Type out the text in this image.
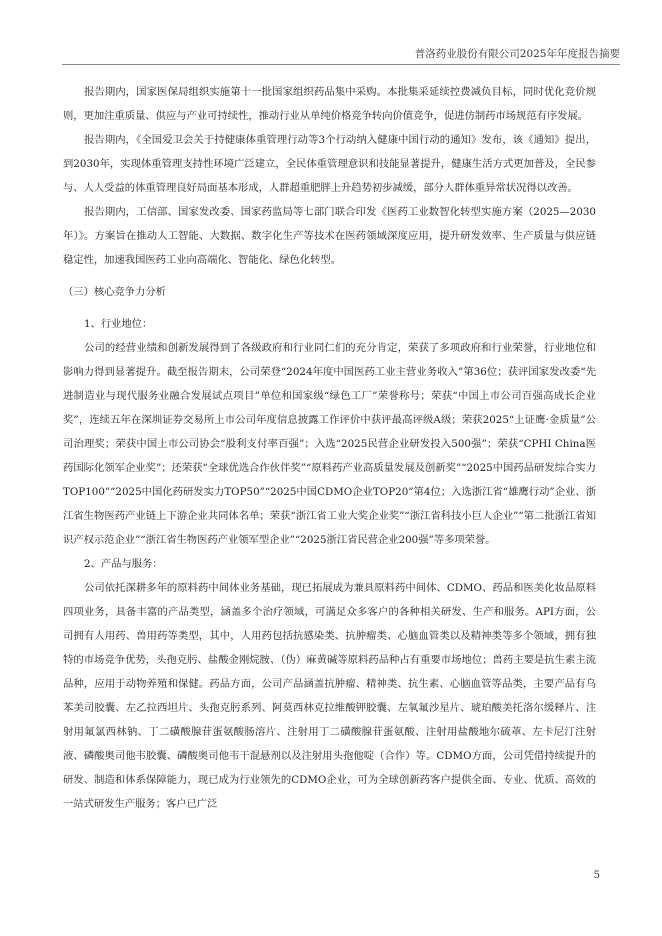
普洛药业股份有限公司2025年年度报告摘要

报告期内，国家医保局组织实施第十一批国家组织药品集中采购。本批集采延续控费减负目标，同时优化竞价规则，更加注重质量、供应与产业可持续性，推动行业从单纯价格竞争转向价值竞争，促进仿制药市场规范有序发展。

报告期内，《全国爱卫会关于持健康体重管理行动等3个行动纳入健康中国行动的通知》发布，该《通知》提出，到2030年，实现体重管理支持性环境广泛建立，全民体重管理意识和技能显著提升，健康生活方式更加普及，全民参与、人人受益的体重管理良好局面基本形成，人群超重肥胖上升趋势初步减缓，部分人群体重异常状况得以改善。

报告期内，工信部、国家发改委、国家药监局等七部门联合印发《医药工业数智化转型实施方案（2025—2030年）》。方案旨在推动人工智能、大数据、数字化生产等技术在医药领域深度应用，提升研发效率、生产质量与供应链稳定性，加速我国医药工业向高端化、智能化、绿色化转型。

（三）核心竞争力分析

1、行业地位：

公司的经营业绩和创新发展得到了各级政府和行业同仁们的充分肯定，荣获了多项政府和行业荣誉，行业地位和影响力得到显著提升。截至报告期末，公司荣登“2024年度中国医药工业主营业务收入”第36位；获评国家发改委“先进制造业与现代服务业融合发展试点项目”单位和国家级“绿色工厂”荣誉称号；荣获“中国上市公司百强高成长企业奖”，连续五年在深圳证券交易所上市公司年度信息披露工作评价中获评最高评级A级；荣获2025“上证鹰·金质量”公司治理奖；荣获中国上市公司协会“股利支付率百强”；入选“2025民营企业研发投入500强”；荣获“CPHI China医药国际化领军企业奖”；还荣获“全球优选合作伙伴奖”“原料药产业高质量发展及创新奖”“2025中国药品研发综合实力TOP100”“2025中国化药研发实力TOP50”“2025中国CDMO企业TOP20”第4位；入选浙江省“雄鹰行动”企业、浙江省生物医药产业链上下游企业共同体名单；荣获“浙江省工业大奖企业奖”“浙江省科技小巨人企业”“第二批浙江省知识产权示范企业”“浙江省生物医药产业领军型企业”“2025浙江省民营企业200强”等多项荣誉。

2、产品与服务：

公司依托深耕多年的原料药中间体业务基础，现已拓展成为兼具原料药中间体、CDMO、药品和医美化妆品原料四项业务，具备丰富的产品类型，涵盖多个治疗领域，可满足众多客户的各种相关研发、生产和服务。API方面，公司拥有人用药、兽用药等类型，其中，人用药包括抗感染类、抗肿瘤类、心脑血管类以及精神类等多个领域，拥有独特的市场竞争优势，头孢克肟、盐酸金刚烷胺、（伪）麻黄碱等原料药品种占有重要市场地位；兽药主要是抗生素主流品种，应用于动物养殖和保健。药品方面，公司产品涵盖抗肿瘤、精神类、抗生素、心脑血管等品类，主要产品有乌苯美司胶囊、左乙拉西坦片、头孢克肟系列、阿莫西林克拉维酸钾胶囊、左氧氟沙星片、琥珀酸美托洛尔缓释片、注射用氟氯西林钠、丁二磺酸腺苷蛋氨酸肠溶片、注射用丁二磺酸腺苷蛋氨酸、注射用盐酸地尔硫䓬、左卡尼汀注射液、磷酸奥司他韦胶囊、磷酸奥司他韦干混悬剂以及注射用头孢他啶（合作）等。CDMO方面，公司凭借持续提升的研发、制造和体系保障能力，现已成为行业领先的CDMO企业，可为全球创新药客户提供全面、专业、优质、高效的一站式研发生产服务；客户已广泛

5
